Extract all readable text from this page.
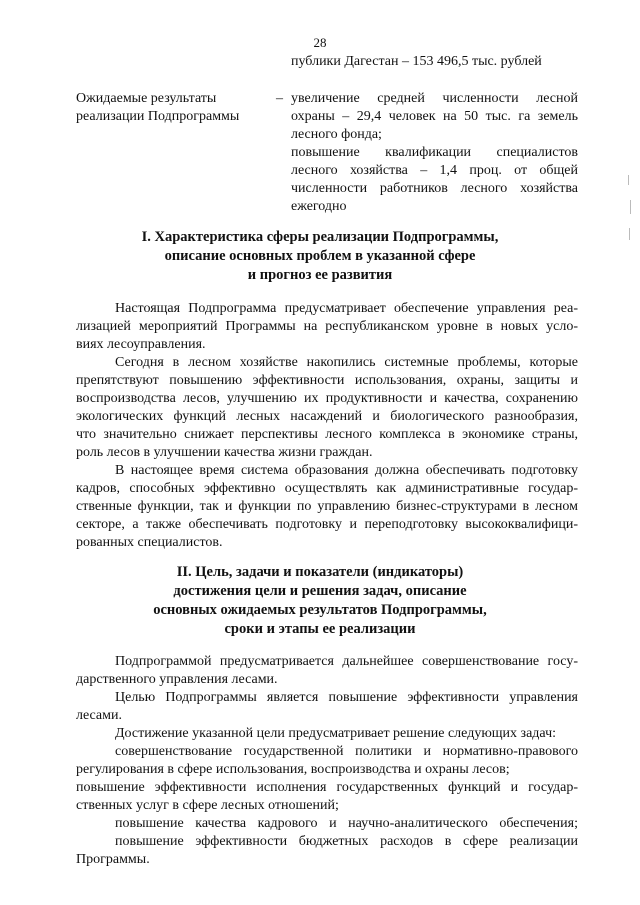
28
публики Дагестан – 153 496,5 тыс. рублей
Ожидаемые результаты
реализации Подпрограммы
– увеличение средней численности лесной
охраны – 29,4 человек на 50 тыс. га земель
лесного фонда;
повышение квалификации специалистов
лесного хозяйства – 1,4 проц. от общей
численности работников лесного хозяйства
ежегодно
I. Характеристика сферы реализации Подпрограммы,
описание основных проблем в указанной сфере
и прогноз ее развития
Настоящая Подпрограмма предусматривает обеспечение управления реа-
лизацией мероприятий Программы на республиканском уровне в новых усло-
виях лесоуправления.
Сегодня в лесном хозяйстве накопились системные проблемы, которые
препятствуют повышению эффективности использования, охраны, защиты и
воспроизводства лесов, улучшению их продуктивности и качества, сохранению
экологических функций лесных насаждений и биологического разнообразия,
что значительно снижает перспективы лесного комплекса в экономике страны,
роль лесов в улучшении качества жизни граждан.
В настоящее время система образования должна обеспечивать подготовку
кадров, способных эффективно осуществлять как административные государ-
ственные функции, так и функции по управлению бизнес-структурами в лесном
секторе, а также обеспечивать подготовку и переподготовку высококвалифици-
рованных специалистов.
II. Цель, задачи и показатели (индикаторы)
достижения цели и решения задач, описание
основных ожидаемых результатов Подпрограммы,
сроки и этапы ее реализации
Подпрограммой предусматривается дальнейшее совершенствование госу-
дарственного управления лесами.
Целью Подпрограммы является повышение эффективности управления
лесами.
Достижение указанной цели предусматривает решение следующих задач:
совершенствование государственной политики и нормативно-правового
регулирования в сфере использования, воспроизводства и охраны лесов;
повышение эффективности исполнения государственных функций и государ-
ственных услуг в сфере лесных отношений;
повышение качества кадрового и научно-аналитического обеспечения;
повышение эффективности бюджетных расходов в сфере реализации
Программы.
